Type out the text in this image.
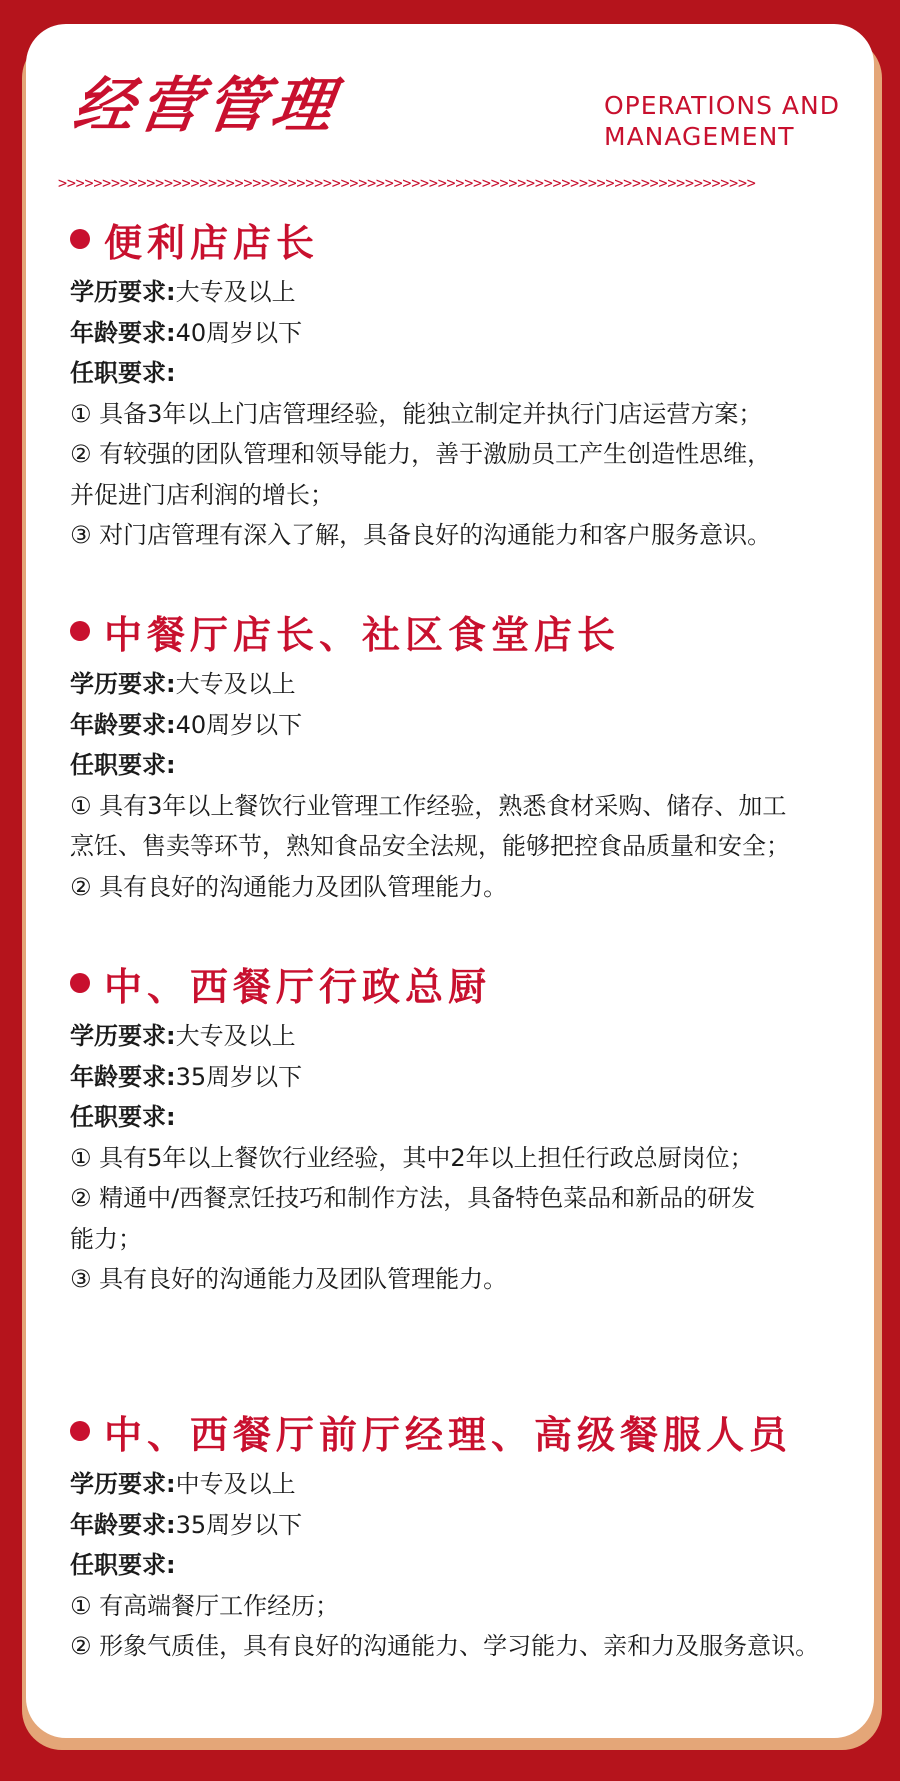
经营管理	OPERATIONS AND
MANAGEMENT
>>>>>>>>>>>>>>>>>>>>>>>>>>>>>>>>>>>>>>>>>>>>>>>>>>>>>>>>>>>>>>>>>>>>>>>>>>>>>>>
便利店店长
学历要求:大专及以上
年龄要求:40周岁以下
任职要求:
① 具备3年以上门店管理经验，能独立制定并执行门店运营方案；
② 有较强的团队管理和领导能力，善于激励员工产生创造性思维，
并促进门店利润的增长；
③ 对门店管理有深入了解，具备良好的沟通能力和客户服务意识。
中餐厅店长、社区食堂店长
学历要求:大专及以上
年龄要求:40周岁以下
任职要求:
① 具有3年以上餐饮行业管理工作经验，熟悉食材采购、储存、加工
烹饪、售卖等环节，熟知食品安全法规，能够把控食品质量和安全；
② 具有良好的沟通能力及团队管理能力。
中、西餐厅行政总厨
学历要求:大专及以上
年龄要求:35周岁以下
任职要求:
① 具有5年以上餐饮行业经验，其中2年以上担任行政总厨岗位；
② 精通中/西餐烹饪技巧和制作方法，具备特色菜品和新品的研发
能力；
③ 具有良好的沟通能力及团队管理能力。
中、西餐厅前厅经理、高级餐服人员
学历要求:中专及以上
年龄要求:35周岁以下
任职要求:
① 有高端餐厅工作经历；
② 形象气质佳，具有良好的沟通能力、学习能力、亲和力及服务意识。
